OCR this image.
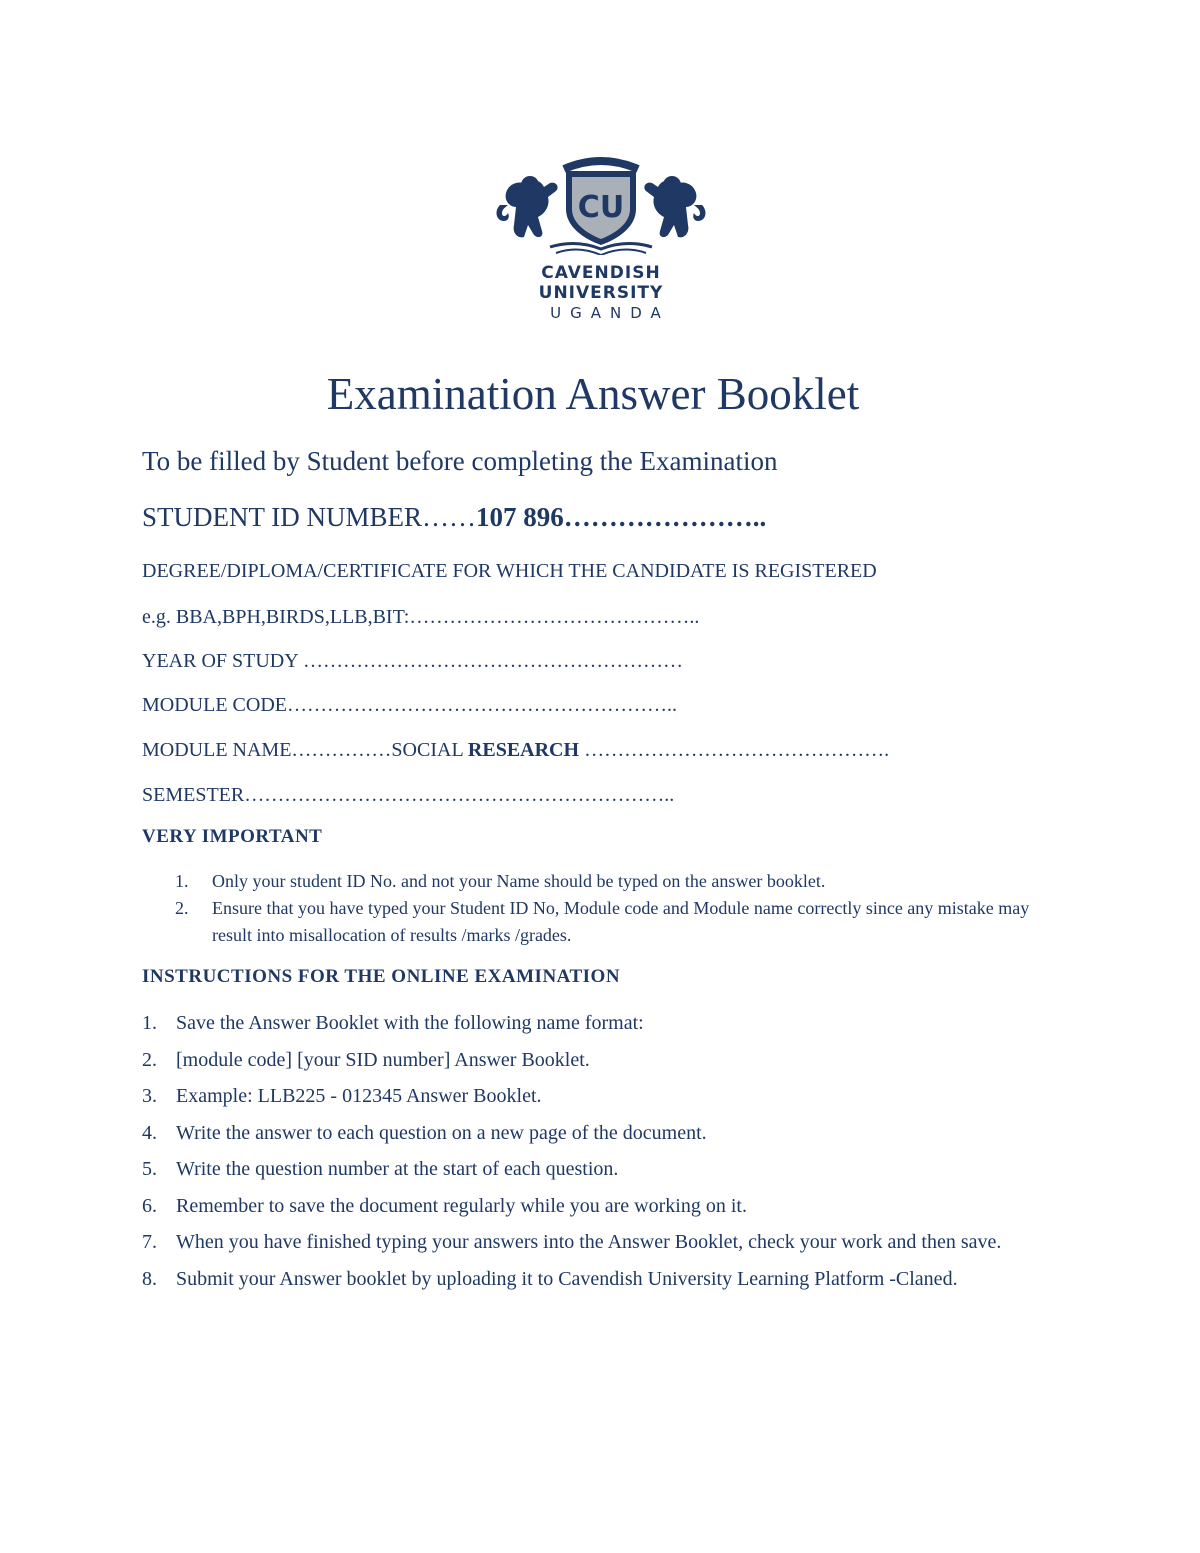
CU
CAVENDISH
UNIVERSITY
UGANDA
Examination Answer Booklet
To be filled by Student before completing the Examination
STUDENT ID NUMBER……107 896…………………..
DEGREE/DIPLOMA/CERTIFICATE FOR WHICH THE CANDIDATE IS REGISTERED
e.g. BBA,BPH,BIRDS,LLB,BIT:……………………………………..
YEAR OF STUDY …………………………………………………
MODULE CODE…………………………………………………..
MODULE NAME……………SOCIAL RESEARCH ……………………………………….
SEMESTER………………………………………………………..
VERY IMPORTANT
1. Only your student ID No. and not your Name should be typed on the answer booklet.
2. Ensure that you have typed your Student ID No, Module code and Module name correctly since any mistake may result into misallocation of results /marks /grades.
INSTRUCTIONS FOR THE ONLINE EXAMINATION
1. Save the Answer Booklet with the following name format:
2. [module code] [your SID number] Answer Booklet.
3. Example: LLB225 - 012345 Answer Booklet.
4. Write the answer to each question on a new page of the document.
5. Write the question number at the start of each question.
6. Remember to save the document regularly while you are working on it.
7. When you have finished typing your answers into the Answer Booklet, check your work and then save.
8. Submit your Answer booklet by uploading it to Cavendish University Learning Platform -Claned.
